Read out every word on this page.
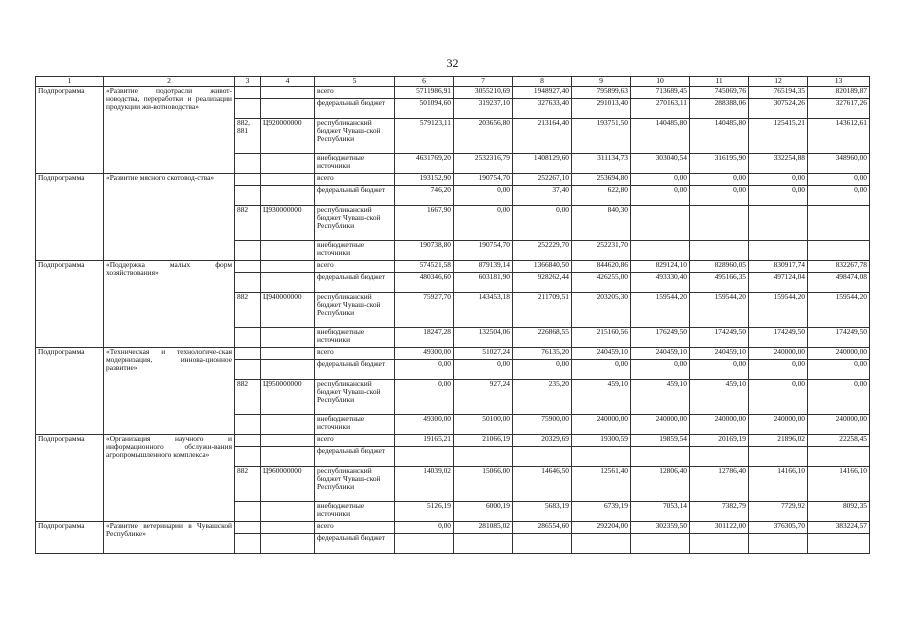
32
1	2	3	4	5	6	7	8	9	10	11	12	13
Подпрограмма	«Развитие подотрасли живот-новодства, переработки и реализации продукции жи-вотноводства»			всего	5711986,91	3055210,69	1948927,40	795899,63	713689,45	745069,76	765194,35	820189,87
				федеральный бюджет	501094,60	319237,10	327633,40	291013,40	270163,11	288388,06	307524,26	327617,26
		882, 881	Ц920000000	республиканский бюджет Чуваш-ской Республики	579123,11	203656,80	213164,40	193751,50	140485,80	140485,80	125415,21	143612,61
				внебюджетные источники	4631769,20	2532316,79	1408129,60	311134,73	303040,54	316195,90	332254,88	348960,00
Подпрограмма	«Развитие мясного скотовод-ства»			всего	193152,90	190754,70	252267,10	253694,80	0,00	0,00	0,00	0,00
				федеральный бюджет	746,20	0,00	37,40	622,80	0,00	0,00	0,00	0,00
		882	Ц930000000	республиканский бюджет Чуваш-ской Республики	1667,90	0,00	0,00	840,30				
				внебюджетные источники	190738,80	190754,70	252229,70	252231,70				
Подпрограмма	«Поддержка малых форм хозяйствования»			всего	574521,58	879139,14	1366840,50	844620,86	829124,10	828960,05	830917,74	832267,78
				федеральный бюджет	480346,60	603181,90	928262,44	426255,00	493330,40	495166,35	497124,04	498474,08
		882	Ц940000000	республиканский бюджет Чуваш-ской Республики	75927,70	143453,18	211709,51	203205,30	159544,20	159544,20	159544,20	159544,20
				внебюджетные источники	18247,28	132504,06	226868,55	215160,56	176249,50	174249,50	174249,50	174249,50
Подпрограмма	«Техническая и технологиче-ская модернизация, иннова-ционное развитие»			всего	49300,00	51027,24	76135,20	240459,10	240459,10	240459,10	240000,00	240000,00
				федеральный бюджет	0,00	0,00	0,00	0,00	0,00	0,00	0,00	0,00
		882	Ц950000000	республиканский бюджет Чуваш-ской Республики	0,00	927,24	235,20	459,10	459,10	459,10	0,00	0,00
				внебюджетные источники	49300,00	50100,00	75900,00	240000,00	240000,00	240000,00	240000,00	240000,00
Подпрограмма	«Организация научного и информационного обслужи-вания агропромышленного комплекса»			всего	19165,21	21066,19	20329,69	19300,59	19859,54	20169,19	21896,02	22258,45
				федеральный бюджет								
		882	Ц960000000	республиканский бюджет Чуваш-ской Республики	14039,02	15066,00	14646,50	12561,40	12806,40	12786,40	14166,10	14166,10
				внебюджетные источники	5126,19	6000,19	5683,19	6739,19	7053,14	7382,79	7729,92	8092,35
Подпрограмма	«Развитие ветеринарии в Чувашской Республике»			всего	0,00	281085,02	286554,60	292204,00	302359,50	301122,00	376305,70	383224,57
				федеральный бюджет								
